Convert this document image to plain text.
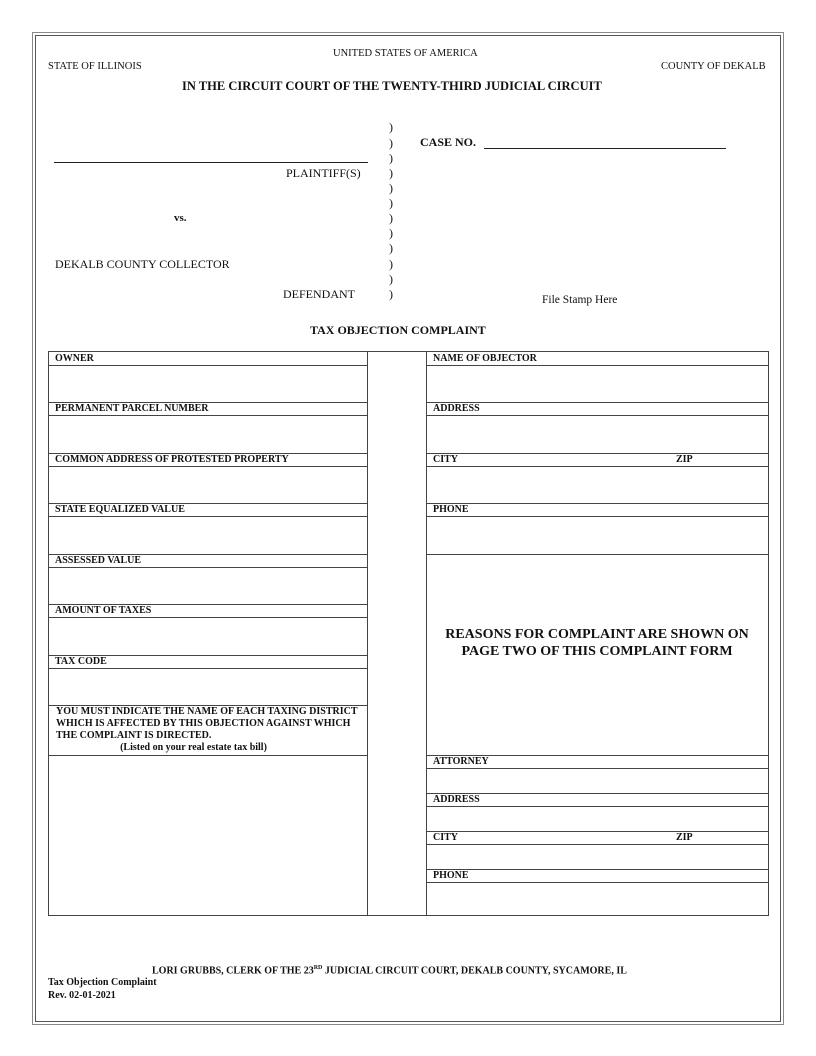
UNITED STATES OF AMERICA
STATE OF ILLINOIS	COUNTY OF DEKALB
IN THE CIRCUIT COURT OF THE TWENTY-THIRD JUDICIAL CIRCUIT
PLAINTIFF(S)
vs.
DEKALB COUNTY COLLECTOR
DEFENDANT
)
)
)
)
)
)
)
)
)
)
)
)
CASE NO.
File Stamp Here
TAX OBJECTION COMPLAINT
OWNER
PERMANENT PARCEL NUMBER
COMMON ADDRESS OF PROTESTED PROPERTY
STATE EQUALIZED VALUE
ASSESSED VALUE
AMOUNT OF TAXES
TAX CODE
YOU MUST INDICATE THE NAME OF EACH TAXING DISTRICT WHICH IS AFFECTED BY THIS OBJECTION AGAINST WHICH THE COMPLAINT IS DIRECTED.
(Listed on your real estate tax bill)
NAME OF OBJECTOR
ADDRESS
CITY	ZIP
PHONE
REASONS FOR COMPLAINT ARE SHOWN ON PAGE TWO OF THIS COMPLAINT FORM
ATTORNEY
ADDRESS
CITY	ZIP
PHONE
LORI GRUBBS, CLERK OF THE 23RD JUDICIAL CIRCUIT COURT, DEKALB COUNTY, SYCAMORE, IL
Tax Objection Complaint
Rev. 02-01-2021
